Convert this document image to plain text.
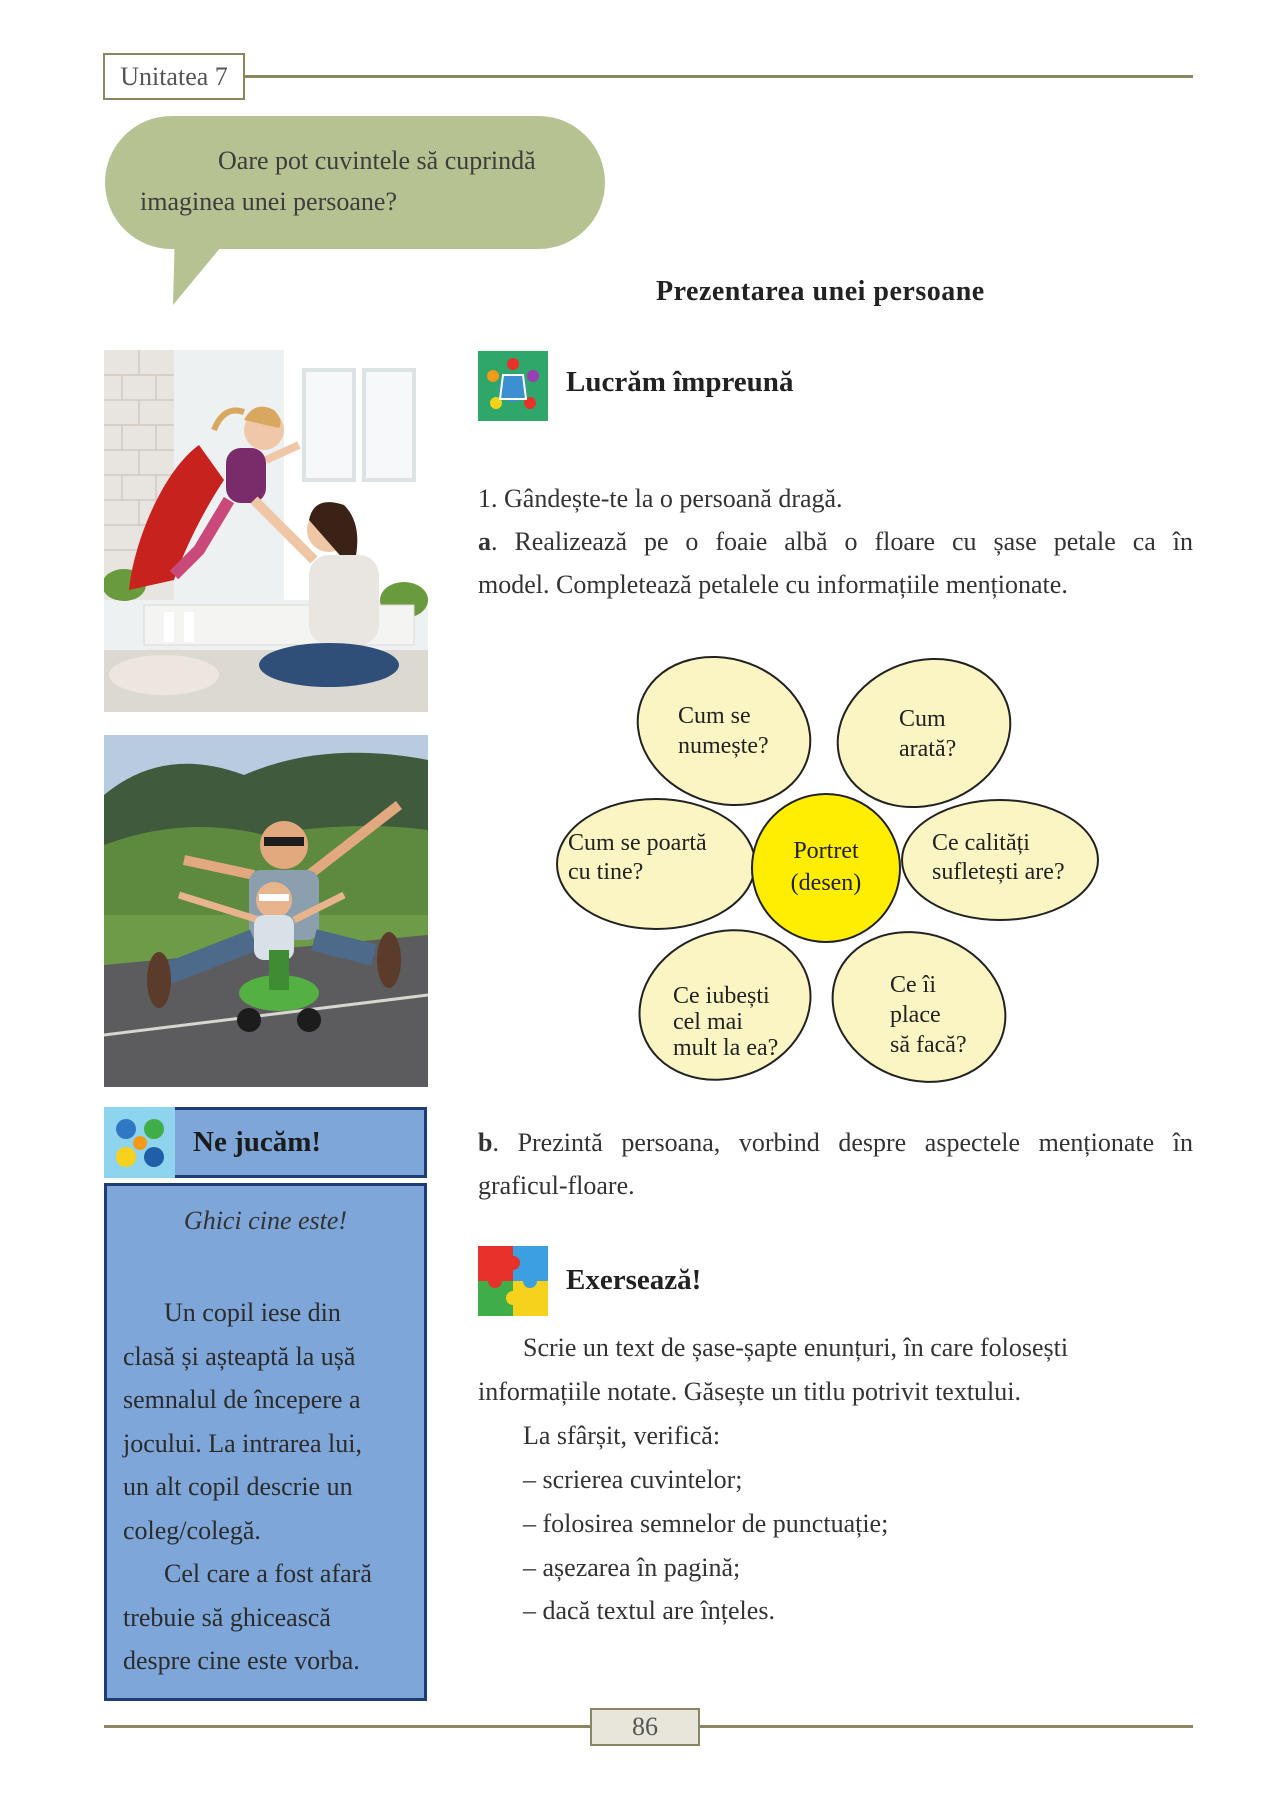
Unitatea 7
Oare pot cuvintele să cuprindă
imaginea unei persoane?
Prezentarea unei persoane
Lucrăm împreună
1. Gândește-te la o persoană dragă.
a. Realizează pe o foaie albă o floare cu șase petale ca în
model. Completează petalele cu informațiile menționate.
Cum se
numește?
Cum
arată?
Cum se poartă
cu tine?
Ce calități
sufletești are?
Ce iubești
cel mai
mult la ea?
Ce îi
place
să facă?
Portret
(desen)
b. Prezintă persoana, vorbind despre aspectele menționate în
graficul-floare.
Exersează!
Scrie un text de șase-șapte enunțuri, în care folosești
informațiile notate. Găsește un titlu potrivit textului.
La sfârșit, verifică:
– scrierea cuvintelor;
– folosirea semnelor de punctuație;
– așezarea în pagină;
– dacă textul are înțeles.
Ne jucăm!
Ghici cine este!
Un copil iese din
clasă și așteaptă la ușă
semnalul de începere a
jocului. La intrarea lui,
un alt copil descrie un
coleg/colegă.
Cel care a fost afară
trebuie să ghicească
despre cine este vorba.
86
